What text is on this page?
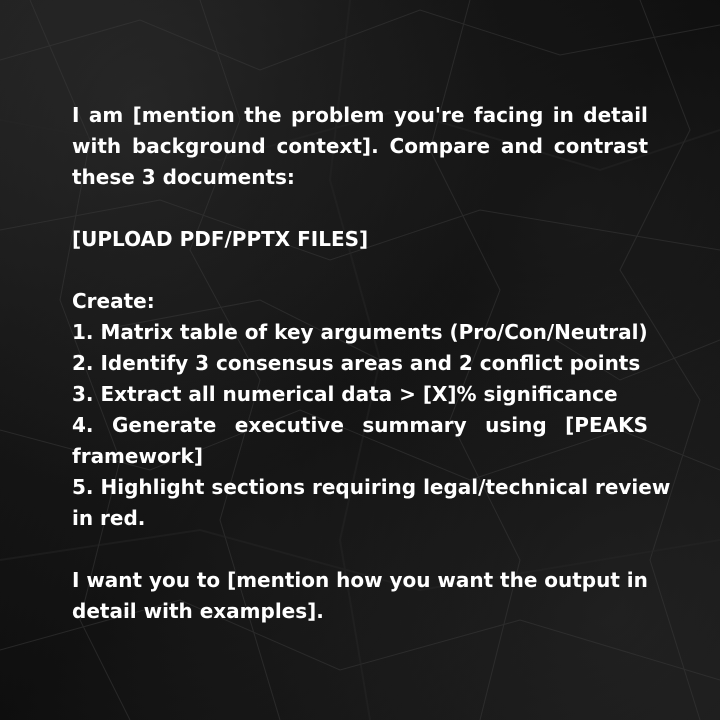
I am [mention the problem you're facing in detail
with background context]. Compare and contrast
these 3 documents:
[UPLOAD PDF/PPTX FILES]
Create:
1. Matrix table of key arguments (Pro/Con/Neutral)
2. Identify 3 consensus areas and 2 conflict points
3. Extract all numerical data > [X]% significance
4. Generate executive summary using [PEAKS
framework]
5. Highlight sections requiring legal/technical review
in red.
I want you to [mention how you want the output in
detail with examples].
